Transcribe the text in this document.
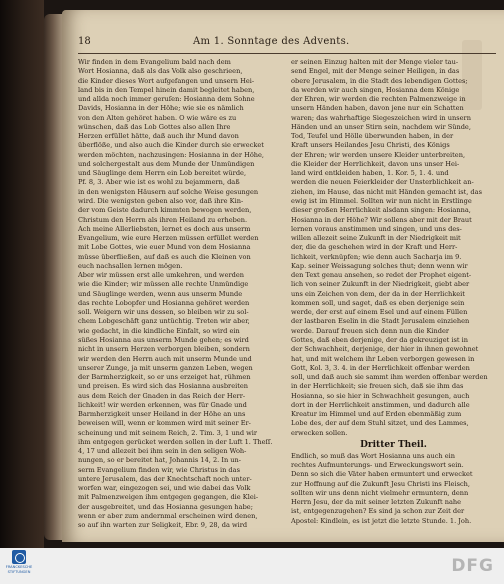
18	Am 1. Sonntage des Advents.
Wir finden in dem Evangelium bald nach dem
Wort Hosianna, daß als das Volk also geschrieen,
die Kinder dieses Wort aufgefangen und unsern Hei-
land bis in den Tempel hinein damit begleitet haben,
und allda noch immer geruſen: Hosianna dem Sohne
Davids, Hosianna in der Höhe; wie sie es nämlich
von den Alten gehöret haben. O wie wäre es zu
wünschen, daß das Lob Gottes also allen Ihre
Herzen erfüllet hätte, daß auch ihr Mund davon
überflöße, und also auch die Kinder durch sie erwecket
werden möchten, nachzusingen: Hosianna in der Höhe,
und solchergestalt aus dem Munde der Unmündigen
und Säuglinge dem Herrn ein Lob bereitet würde,
Pf. 8, 3. Aber wie ist es wohl zu bejammern, daß
in den wenigsten Häusern auf solche Weise gesungen
wird. Die wenigsten geben also vor, daß ihre Kin-
der vom Geiste dadurch kimmten bewogen werden,
Christum den Herrn als ihren Heiland zu erheben.
Ach meine Allerliebsten, lernet es doch aus unserm
Evangelium, wie eure Herzen müssen erfüllet werden
mit Lobe Gottes, wie euer Mund von dem Hosianna
müsse überfließen, auf daß es auch die Kleinen von
euch nachsallen lernen mögen.
Aber wir müssen erst alle umkehren, und werden
wie die Kinder; wir müssen alle rechte Unmündige
und Säuglinge werden, wenn aus unserm Munde
das rechte Lobopfer und Hosianna gehöret werden
soll. Weigern wir uns dessen, so bleiben wir zu sol-
chem Lobgeschäft ganz untüchtig. Treten wir aber,
wie gedacht, in die kindliche Einfalt, so wird ein
süßes Hosianna aus unserm Munde gehen; es wird
nicht in unsern Herzen verborgen bleiben, sondern
wir werden den Herrn auch mit unserm Munde und
unserer Zunge, ja mit unserm ganzen Leben, wegen
der Barmherzigkeit, so er uns erzeiget hat, rühmen
und preisen. Es wird sich das Hosianna ausbreiten
aus dem Reich der Gnaden in das Reich der Herr-
lichkeit! wir werden erkennen, was für Gnade und
Barmherzigkeit unser Heiland in der Höhe an uns
beweisen will, wenn er kommen wird mit seiner Er-
scheinung und mit seinem Reich, 2. Tim. 3, 1 und wir
ihm entgegen gerücket werden sollen in der Luft 1. Theſſ.
4, 17 und allezeit bei ihm sein in den seligen Woh-
nungen, so er bereitet hat, Johannis 14, 2. In un-
serm Evangelium finden wir, wie Christus in das
untere Jerusalem, das der Knechtschaft noch unter-
worfen war, eingezogen sei, und wie dabei das Volk
mit Palmenzweigen ihm entgegen gegangen, die Klei-
der ausgebreitet, und das Hosianna gesungen habe;
wenn er aber zum andernmal erscheinen wird denen,
so auf ihn warten zur Seligkeit, Ebr. 9, 28, da wird
er seinen Einzug halten mit der Menge vieler tau-
send Engel, mit der Menge seiner Heiligen, in das
obere Jerusalem, in die Stadt des lebendigen Gottes;
da werden wir auch singen, Hosianna dem Könige
der Ehren, wir werden die rechten Palmenzweige in
unsern Händen haben, davon jene nur ein Schatten
waren; das wahrhaftige Siegeszeichen wird in unsern
Händen und an unser Stirn sein, nachdem wir Sünde,
Tod, Teufel und Hölle überwunden haben, in der
Kraft unsers Heilandes Jesu Christi, des Königs
der Ehren; wir werden unsere Kleider unterbreiten,
die Kleider der Herrlichkeit, davon uns unser Hei-
land wird entkleiden haben, 1. Kor. 5, 1. 4. und
werden die neuen Feierkleider der Unsterblichkeit an-
ziehen, im Hause, das nicht mit Händen gemacht ist, das
ewig ist im Himmel. Sollten wir nun nicht in Erstlinge
dieser großen Herrlichkeit alsdann singen: Hosianna,
Hosianna in der Höhe? Wir sollens aber mit der Braut
lernen voraus anstimmen und singen, und uns des-
willen allezeit seine Zukunft in der Niedrigkeit mit
der, die da geschehen wird in der Kraft und Herr-
lichkeit, verknüpfen; wie denn auch Sacharja im 9.
Kap. seiner Weissagung solches thut; denn wenn wir
den Text genau ansehen, so redet der Prophet eigent-
lich von seiner Zukunft in der Niedrigkeit, giebt aber
uns ein Zeichen von dem, der da in der Herrlichkeit
kommen soll, und saget, daß es eben derjenige sein
werde, der erst auf einem Esel und auf einem Füllen
der lastbaren Eselin in die Stadt Jerusalem einziehen
werde. Darauf freuen sich denn nun die Kinder
Gottes, daß eben derjenige, der da gekreuziget ist in
der Schwachheit, derjenige, der hier in ihnen gewohnet
hat, und mit welchem ihr Leben verborgen gewesen in
Gott, Kol. 3, 3. 4. in der Herrlichkeit offenbar werden
soll, und daß auch sie sammt ihm werden offenbar werden
in der Herrlichkeit; sie freuen sich, daß sie ihm das
Hosianna, so sie hier in Schwachheit gesungen, auch
dort in der Herrlichkeit anstimmen, und dadurch alle
Kreatur im Himmel und auf Erden ebenmäßig zum
Lobe des, der auf dem Stuhl sitzet, und des Lammes,
erwecken sollen.
Dritter Theil.
Endlich, so muß das Wort Hosianna uns auch ein
rechtes Aufmunterungs- und Erweckungswort sein.
Denn so sich die Väter haben ermuntert und erwecket
zur Hoffnung auf die Zukunft Jesu Christi ins Fleisch,
sollten wir uns denn nicht vielmehr ermuntern, denn
Herrn Jesu, der da mit seiner letzten Zukunft nahe
ist, entgegenzugehen? Es sind ja schon zur Zeit der
Apostel: Kindlein, es ist jetzt die letzte Stunde. 1. Joh.
FRANCKESCHE
STIFTUNGEN	DFG
